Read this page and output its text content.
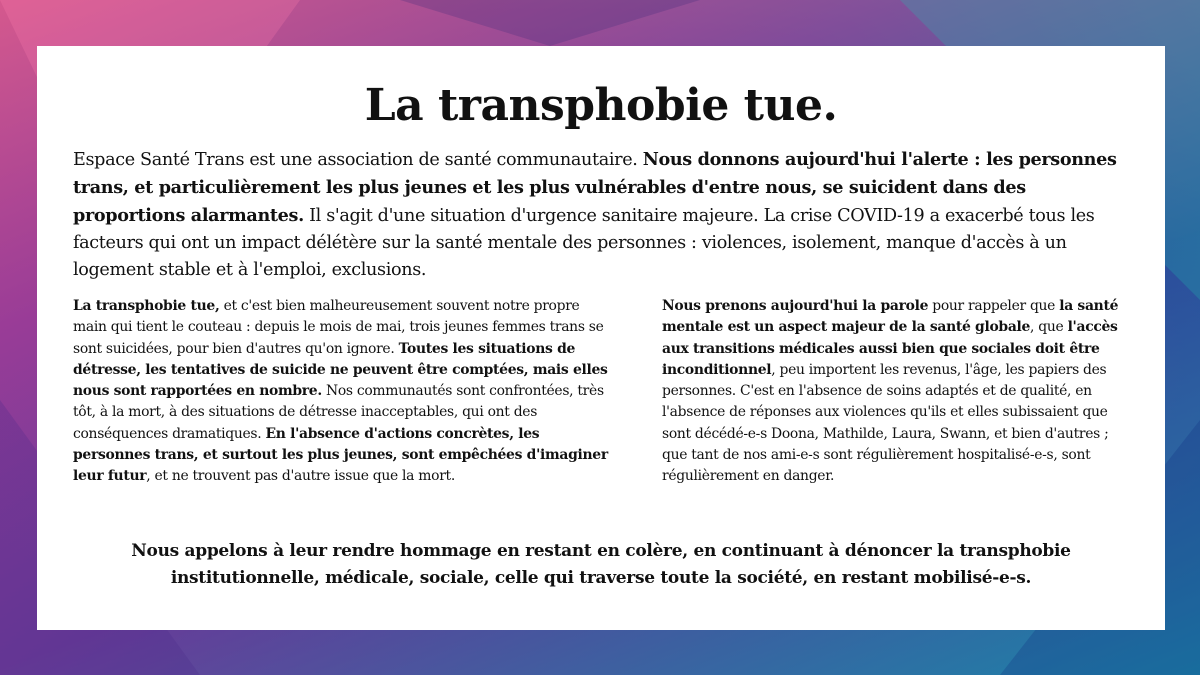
La transphobie tue.

Espace Santé Trans est une association de santé communautaire. Nous donnons aujourd'hui l'alerte : les personnes trans, et particulièrement les plus jeunes et les plus vulnérables d'entre nous, se suicident dans des proportions alarmantes. Il s'agit d'une situation d'urgence sanitaire majeure. La crise COVID-19 a exacerbé tous les facteurs qui ont un impact délétère sur la santé mentale des personnes : violences, isolement, manque d'accès à un logement stable et à l'emploi, exclusions.

La transphobie tue, et c'est bien malheureusement souvent notre propre main qui tient le couteau : depuis le mois de mai, trois jeunes femmes trans se sont suicidées, pour bien d'autres qu'on ignore. Toutes les situations de détresse, les tentatives de suicide ne peuvent être comptées, mais elles nous sont rapportées en nombre. Nos communautés sont confrontées, très tôt, à la mort, à des situations de détresse inacceptables, qui ont des conséquences dramatiques. En l'absence d'actions concrètes, les personnes trans, et surtout les plus jeunes, sont empêchées d'imaginer leur futur, et ne trouvent pas d'autre issue que la mort.

Nous prenons aujourd'hui la parole pour rappeler que la santé mentale est un aspect majeur de la santé globale, que l'accès aux transitions médicales aussi bien que sociales doit être inconditionnel, peu importent les revenus, l'âge, les papiers des personnes. C'est en l'absence de soins adaptés et de qualité, en l'absence de réponses aux violences qu'ils et elles subissaient que sont décédé-e-s Doona, Mathilde, Laura, Swann, et bien d'autres ; que tant de nos ami-e-s sont régulièrement hospitalisé-e-s, sont régulièrement en danger.

Nous appelons à leur rendre hommage en restant en colère, en continuant à dénoncer la transphobie institutionnelle, médicale, sociale, celle qui traverse toute la société, en restant mobilisé-e-s.
